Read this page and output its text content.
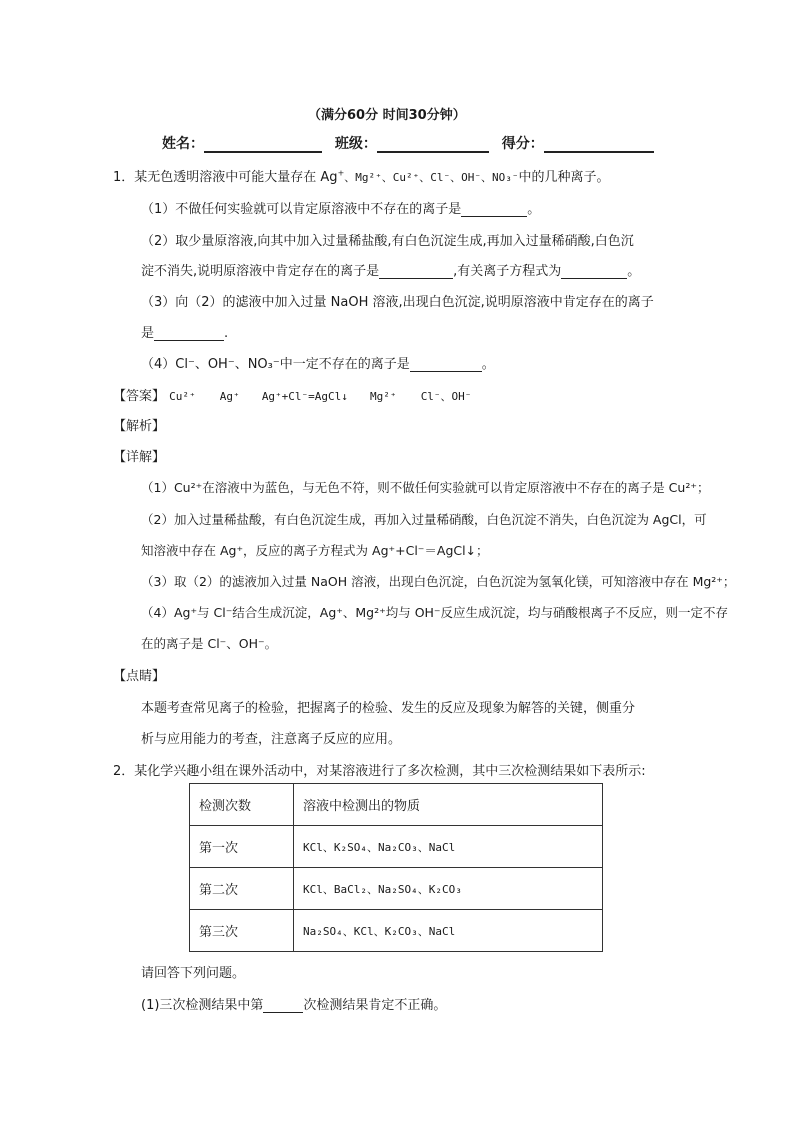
（满分60分 时间30分钟）
姓名：	班级：	得分：
1．某无色透明溶液中可能大量存在 Ag+、Mg²⁺、Cu²⁺、Cl⁻、OH⁻、NO₃⁻中的几种离子。
（1）不做任何实验就可以肯定原溶液中不存在的离子是	。
（2）取少量原溶液,向其中加入过量稀盐酸,有白色沉淀生成,再加入过量稀硝酸,白色沉
淀不消失,说明原溶液中肯定存在的离子是	,有关离子方程式为	。
（3）向（2）的滤液中加入过量 NaOH 溶液,出现白色沉淀,说明原溶液中肯定存在的离子
是	.
（4）Cl⁻、OH⁻、NO₃⁻中一定不存在的离子是	。
【答案】 Cu²⁺ Ag⁺ Ag⁺+Cl⁻=AgCl↓ Mg²⁺ Cl⁻、OH⁻
【解析】
【详解】
（1）Cu²⁺在溶液中为蓝色，与无色不符，则不做任何实验就可以肯定原溶液中不存在的离子是 Cu²⁺；
（2）加入过量稀盐酸，有白色沉淀生成，再加入过量稀硝酸，白色沉淀不消失，白色沉淀为 AgCl，可
知溶液中存在 Ag⁺，反应的离子方程式为 Ag⁺+Cl⁻＝AgCl↓；
（3）取（2）的滤液加入过量 NaOH 溶液，出现白色沉淀，白色沉淀为氢氧化镁，可知溶液中存在 Mg²⁺；
（4）Ag⁺与 Cl⁻结合生成沉淀，Ag⁺、Mg²⁺均与 OH⁻反应生成沉淀，均与硝酸根离子不反应，则一定不存
在的离子是 Cl⁻、OH⁻。
【点睛】
本题考查常见离子的检验，把握离子的检验、发生的反应及现象为解答的关键，侧重分
析与应用能力的考查，注意离子反应的应用。
2．某化学兴趣小组在课外活动中，对某溶液进行了多次检测，其中三次检测结果如下表所示:
检测次数	溶液中检测出的物质
第一次	KCl、K₂SO₄、Na₂CO₃、NaCl
第二次	KCl、BaCl₂、Na₂SO₄、K₂CO₃
第三次	Na₂SO₄、KCl、K₂CO₃、NaCl
请回答下列问题。
(1)三次检测结果中第	次检测结果肯定不正确。
